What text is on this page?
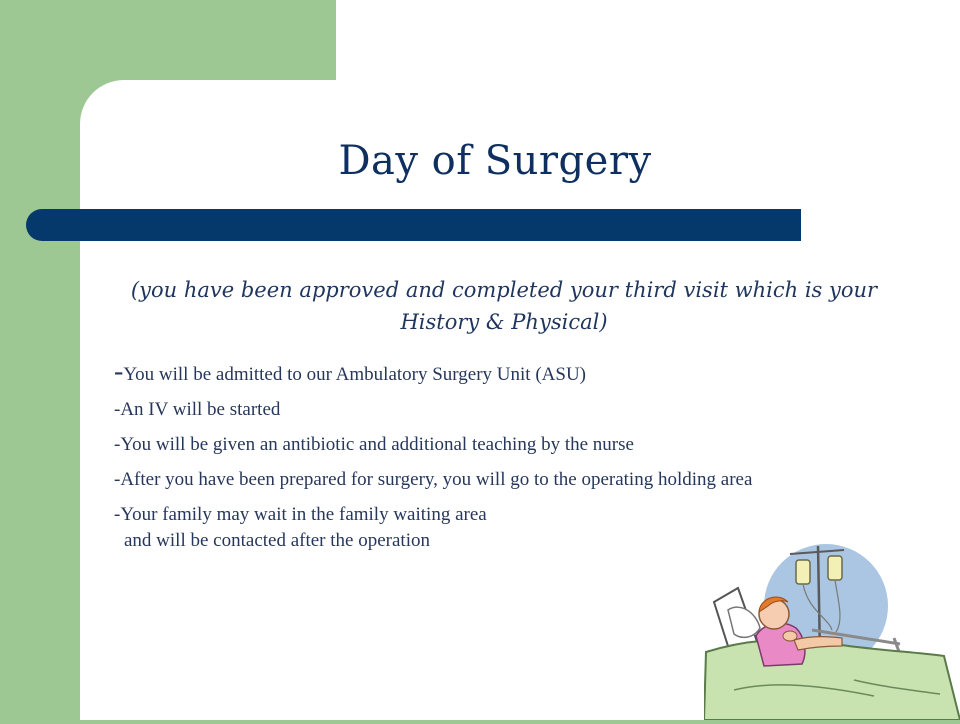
Day of Surgery
(you have been approved and completed your third visit which is your History & Physical)
-You will be admitted to our Ambulatory Surgery Unit (ASU)
-An IV will be started
-You will be given an antibiotic and additional teaching by the nurse
-After you have been prepared for surgery, you will go to the operating holding area
-Your family may wait in the family waiting area
and will be contacted after the operation
